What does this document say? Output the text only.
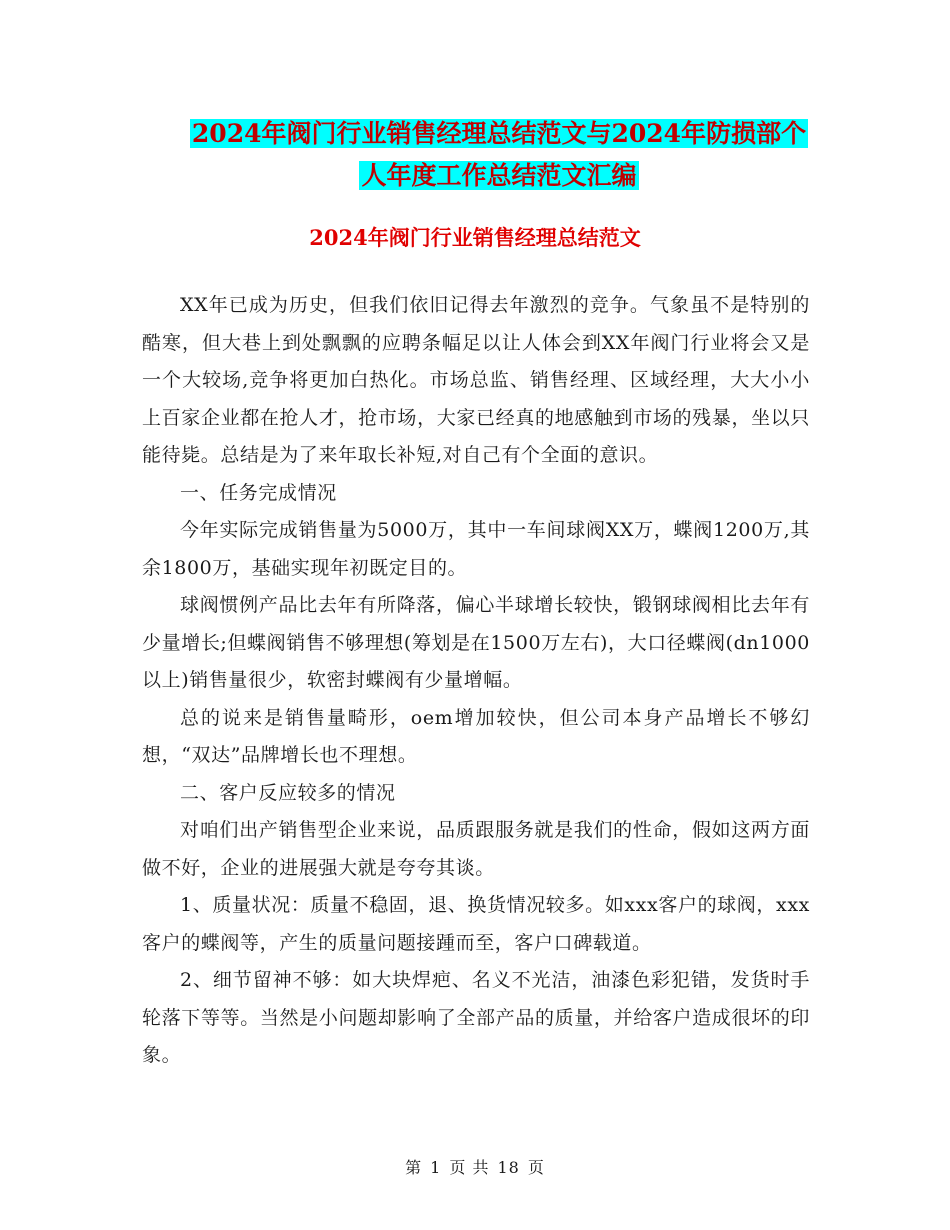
2024年阀门行业销售经理总结范文与2024年防损部个
人年度工作总结范文汇编
2024年阀门行业销售经理总结范文

XX年已成为历史，但我们依旧记得去年激烈的竞争。气象虽不是特别的酷寒，但大巷上到处飘飘的应聘条幅足以让人体会到XX年阀门行业将会又是一个大较场,竞争将更加白热化。市场总监、销售经理、区域经理，大大小小上百家企业都在抢人才，抢市场，大家已经真的地感触到市场的残暴，坐以只能待毙。总结是为了来年取长补短,对自己有个全面的意识。

一、任务完成情况

今年实际完成销售量为5000万，其中一车间球阀XX万，蝶阀1200万,其余1800万，基础实现年初既定目的。

球阀惯例产品比去年有所降落，偏心半球增长较快，锻钢球阀相比去年有少量增长;但蝶阀销售不够理想(筹划是在1500万左右)，大口径蝶阀(dn1000以上)销售量很少，软密封蝶阀有少量增幅。

总的说来是销售量畸形，oem增加较快，但公司本身产品增长不够幻想，“双达”品牌增长也不理想。

二、客户反应较多的情况

对咱们出产销售型企业来说，品质跟服务就是我们的性命，假如这两方面做不好，企业的进展强大就是夸夸其谈。

1、质量状况：质量不稳固，退、换货情况较多。如xxx客户的球阀，xxx客户的蝶阀等，产生的质量问题接踵而至，客户口碑载道。

2、细节留神不够：如大块焊疤、名义不光洁，油漆色彩犯错，发货时手轮落下等等。当然是小问题却影响了全部产品的质量，并给客户造成很坏的印象。

第 1 页 共 18 页
